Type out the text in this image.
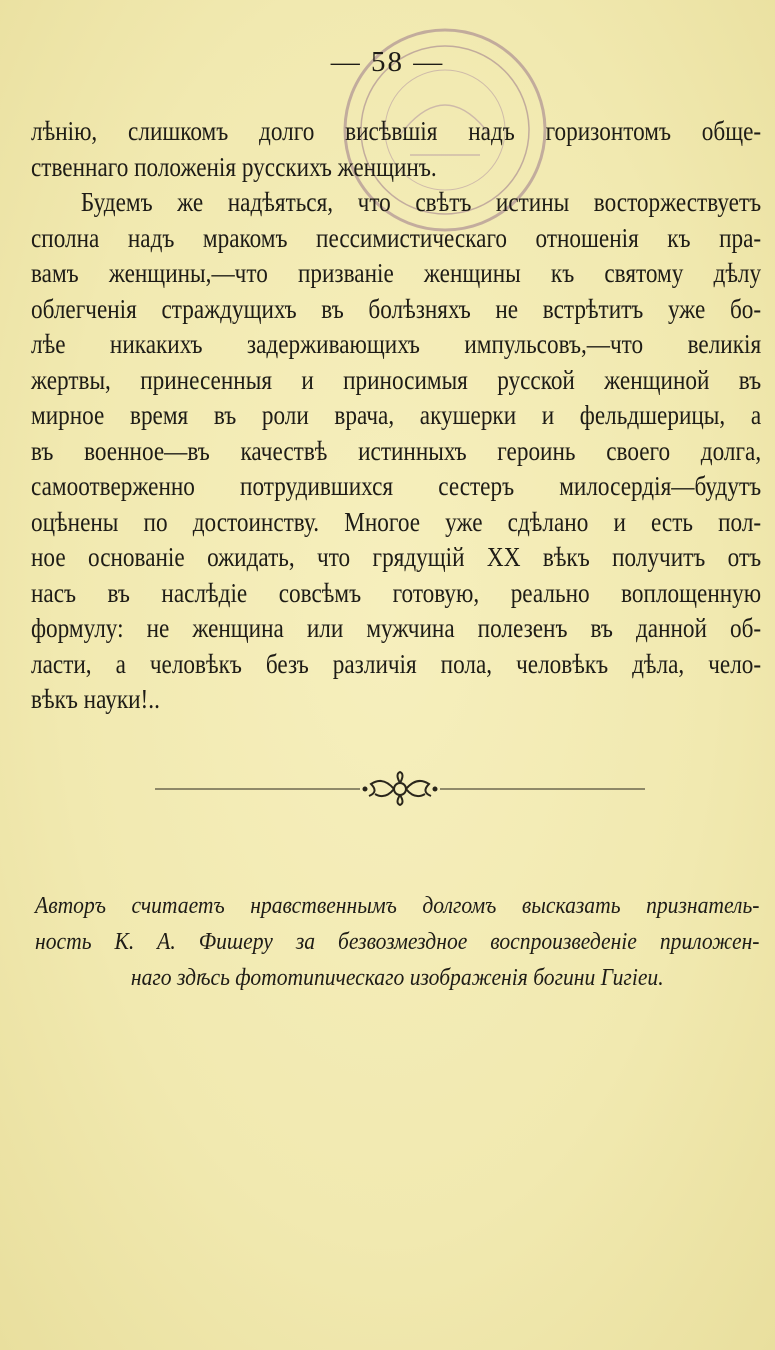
— 58 —
лѣнію, слишкомъ долго висѣвшія надъ горизонтомъ обще-
ственнаго положенія русскихъ женщинъ.
Будемъ же надѣяться, что свѣтъ истины восторжествуетъ
сполна надъ мракомъ пессимистическаго отношенія къ пра-
вамъ женщины,—что призваніе женщины къ святому дѣлу
облегченія страждущихъ въ болѣзняхъ не встрѣтитъ уже бо-
лѣе никакихъ задерживающихъ импульсовъ,—что великія
жертвы, принесенныя и приносимыя русской женщиной въ
мирное время въ роли врача, акушерки и фельдшерицы, а
въ военное—въ качествѣ истинныхъ героинь своего долга,
самоотверженно потрудившихся сестеръ милосердія—будутъ
оцѣнены по достоинству. Многое уже сдѣлано и есть пол-
ное основаніе ожидать, что грядущій XX вѣкъ получитъ отъ
насъ въ наслѣдіе совсѣмъ готовую, реально воплощенную
формулу: не женщина или мужчина полезенъ въ данной об-
ласти, а человѣкъ безъ различія пола, человѣкъ дѣла, чело-
вѣкъ науки!..
Авторъ считаетъ нравственнымъ долгомъ высказать признатель-
ность К. А. Фишеру за безвозмездное воспроизведеніе приложен-
наго здѣсь фототипическаго изображенія богини Гигіеи.
